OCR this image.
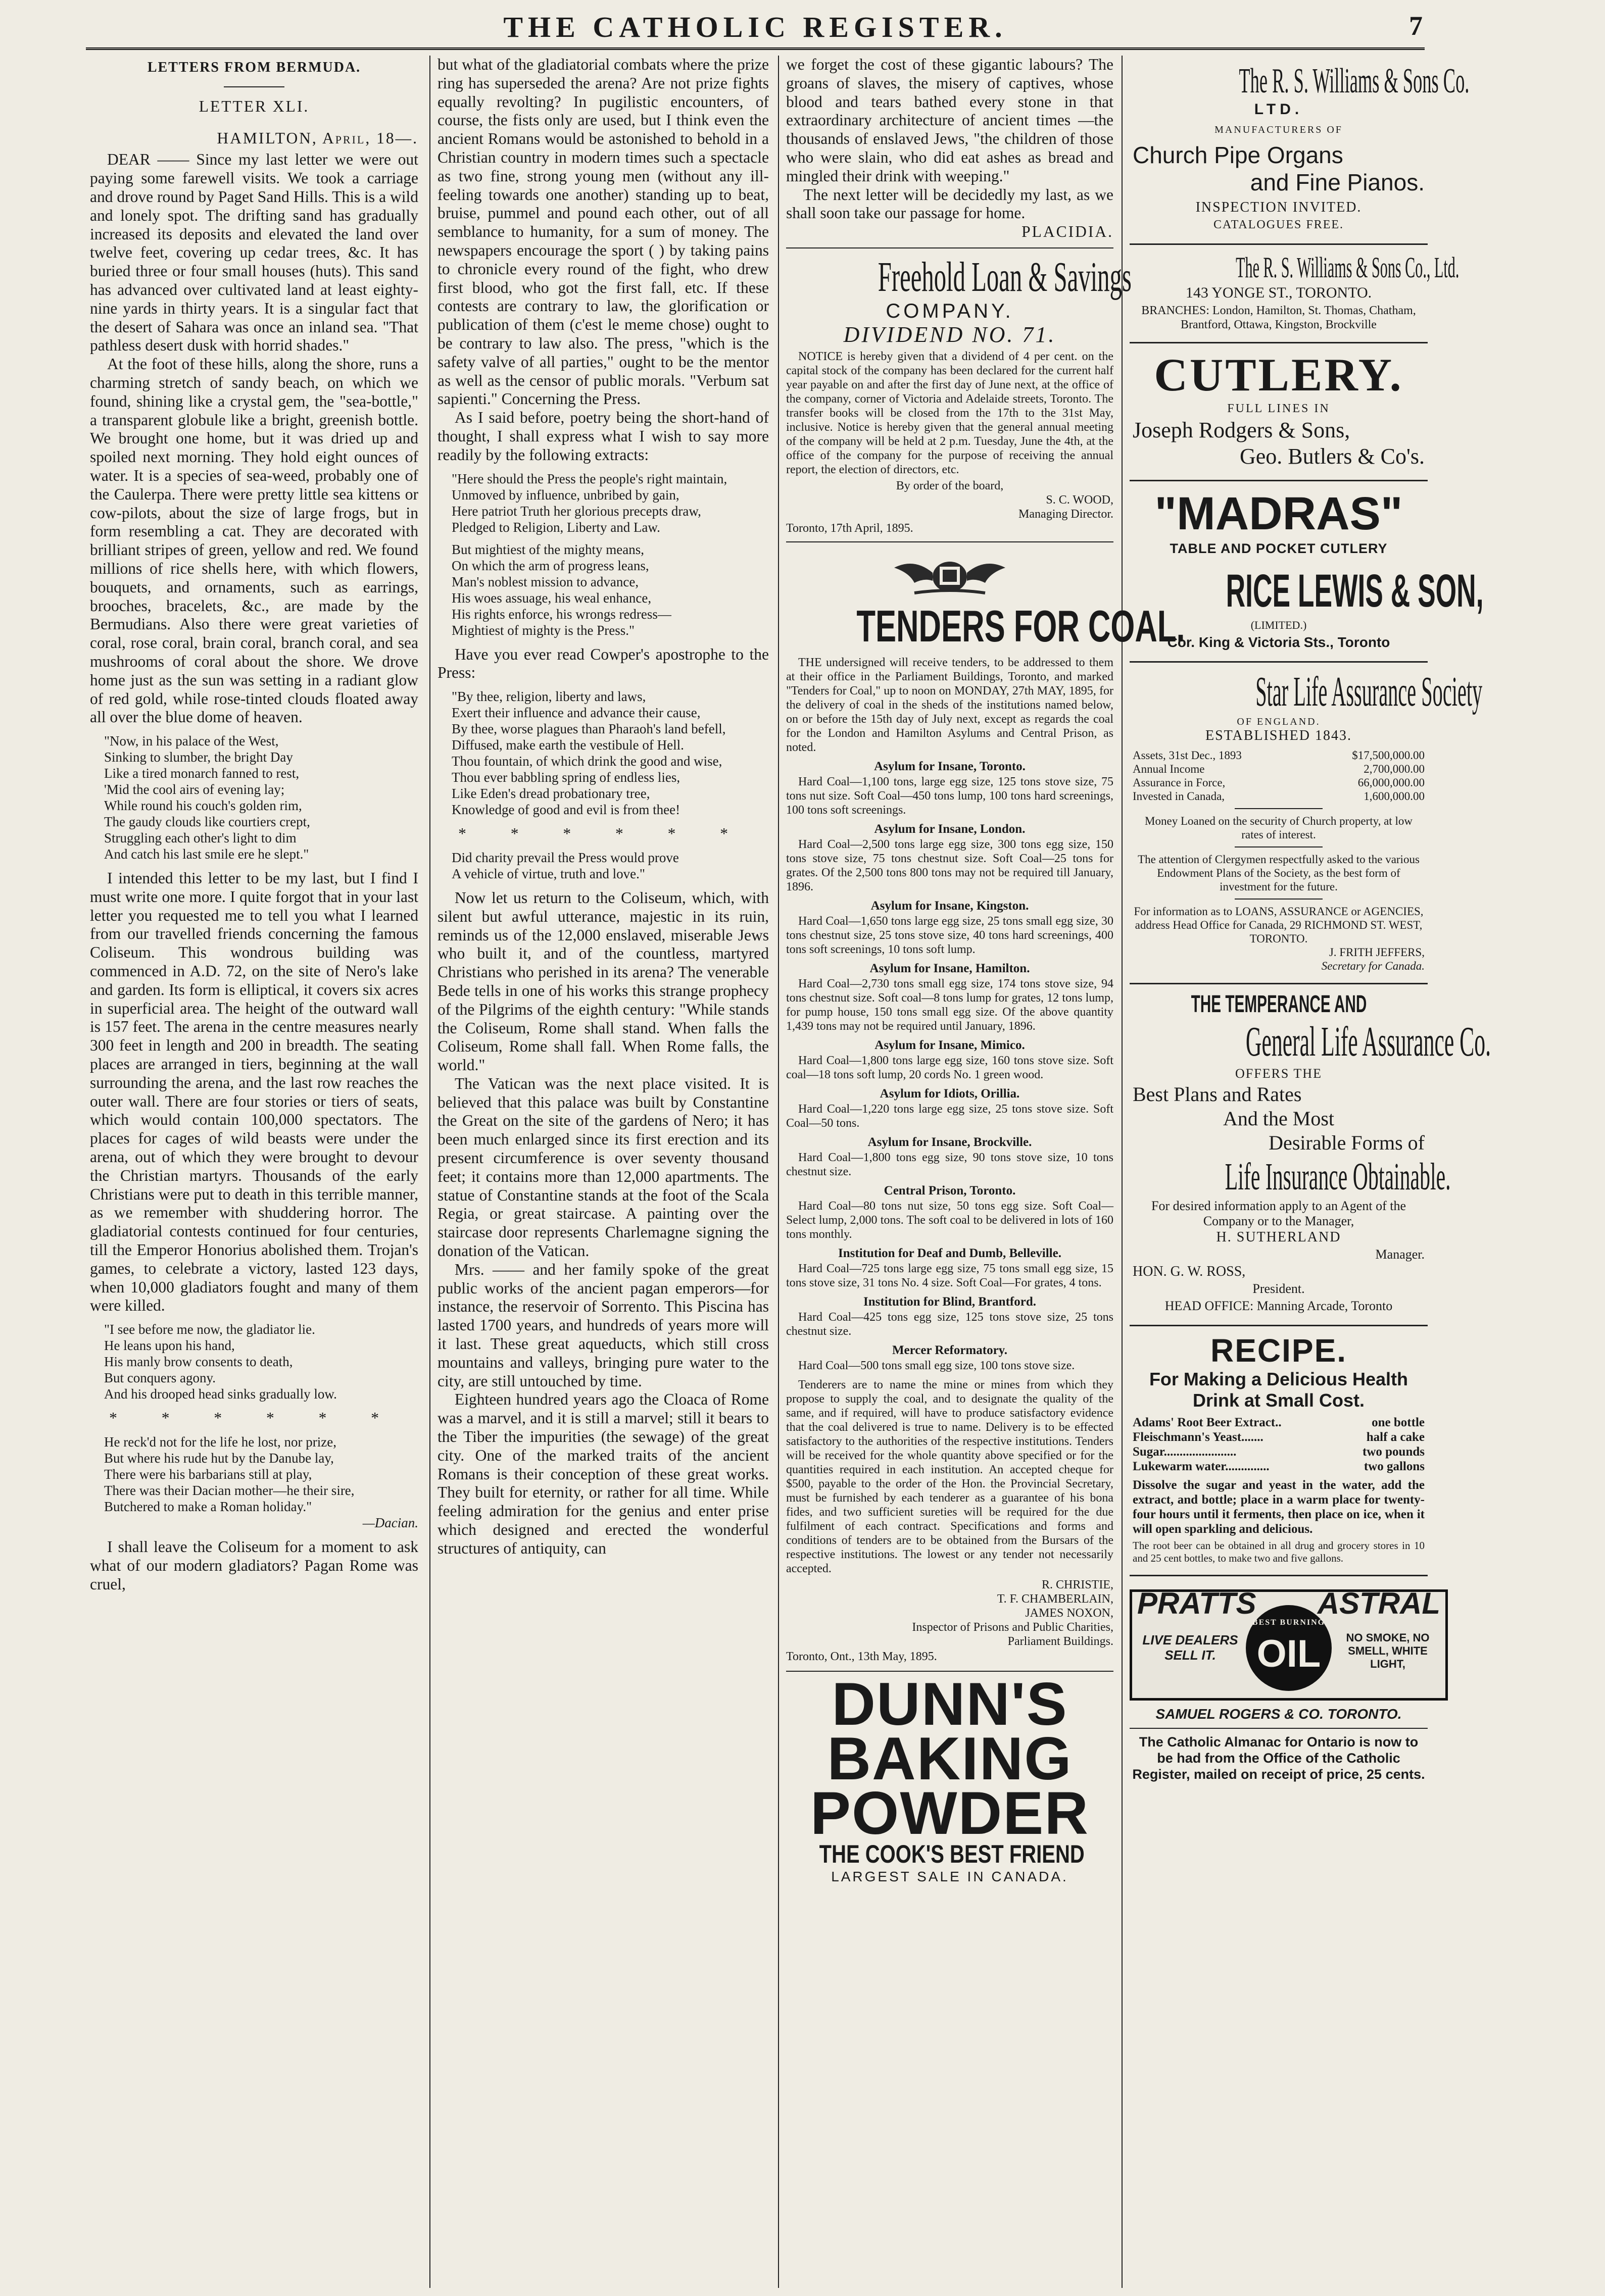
THE CATHOLIC REGISTER.	7
LETTERS FROM BERMUDA.

LETTER XLI.

HAMILTON, April, 18—.

DEAR —— Since my last letter we were out paying some farewell visits. We took a carriage and drove round by Paget Sand Hills. This is a wild and lonely spot. The drifting sand has gradually increased its deposits and elevated the land over twelve feet, covering up cedar trees, &c. It has buried three or four small houses (huts). This sand has advanced over cultivated land at least eighty-nine yards in thirty years. It is a singular fact that the desert of Sahara was once an inland sea. "That pathless desert dusk with horrid shades."

At the foot of these hills, along the shore, runs a charming stretch of sandy beach, on which we found, shining like a crystal gem, the "sea-bottle," a transparent globule like a bright, greenish bottle. We brought one home, but it was dried up and spoiled next morning. They hold eight ounces of water. It is a species of sea-weed, probably one of the Caulerpa. There were pretty little sea kittens or cow-pilots, about the size of large frogs, but in form resembling a cat. They are decorated with brilliant stripes of green, yellow and red. We found millions of rice shells here, with which flowers, bouquets, and ornaments, such as earrings, brooches, bracelets, &c., are made by the Bermudians. Also there were great varieties of coral, rose coral, brain coral, branch coral, and sea mushrooms of coral about the shore. We drove home just as the sun was setting in a radiant glow of red gold, while rose-tinted clouds floated away all over the blue dome of heaven.

"Now, in his palace of the West,
Sinking to slumber, the bright Day
Like a tired monarch fanned to rest,
'Mid the cool airs of evening lay;
While round his couch's golden rim,
The gaudy clouds like courtiers crept,
Struggling each other's light to dim
And catch his last smile ere he slept."

I intended this letter to be my last, but I find I must write one more. I quite forgot that in your last letter you requested me to tell you what I learned from our travelled friends concerning the famous Coliseum. This wondrous building was commenced in A.D. 72, on the site of Nero's lake and garden. Its form is elliptical, it covers six acres in superficial area. The height of the outward wall is 157 feet. The arena in the centre measures nearly 300 feet in length and 200 in breadth. The seating places are arranged in tiers, beginning at the wall surrounding the arena, and the last row reaches the outer wall. There are four stories or tiers of seats, which would contain 100,000 spectators. The places for cages of wild beasts were under the arena, out of which they were brought to devour the Christian martyrs. Thousands of the early Christians were put to death in this terrible manner, as we remember with shuddering horror. The gladiatorial contests continued for four centuries, till the Emperor Honorius abolished them. Trojan's games, to celebrate a victory, lasted 123 days, when 10,000 gladiators fought and many of them were killed.

"I see before me now, the gladiator lie.
He leans upon his hand,
His manly brow consents to death,
But conquers agony.
And his drooped head sinks gradually low.
* * * * * *
He reck'd not for the life he lost, nor prize,
But where his rude hut by the Danube lay,
There were his barbarians still at play,
There was their Dacian mother—he their sire,
Butchered to make a Roman holiday."
—Dacian.

I shall leave the Coliseum for a moment to ask what of our modern gladiators? Pagan Rome was cruel,

but what of the gladiatorial combats where the prize ring has superseded the arena? Are not prize fights equally revolting? In pugilistic encounters, of course, the fists only are used, but I think even the ancient Romans would be astonished to behold in a Christian country in modern times such a spectacle as two fine, strong young men (without any ill-feeling towards one another) standing up to beat, bruise, pummel and pound each other, out of all semblance to humanity, for a sum of money. The newspapers encourage the sport ( ) by taking pains to chronicle every round of the fight, who drew first blood, who got the first fall, etc. If these contests are contrary to law, the glorification or publication of them (c'est le meme chose) ought to be contrary to law also. The press, "which is the safety valve of all parties," ought to be the mentor as well as the censor of public morals. "Verbum sat sapienti." Concerning the Press.

As I said before, poetry being the short-hand of thought, I shall express what I wish to say more readily by the following extracts:

"Here should the Press the people's right maintain,
Unmoved by influence, unbribed by gain,
Here patriot Truth her glorious precepts draw,
Pledged to Religion, Liberty and Law.
But mightiest of the mighty means,
On which the arm of progress leans,
Man's noblest mission to advance,
His woes assuage, his weal enhance,
His rights enforce, his wrongs redress—
Mightiest of mighty is the Press."

Have you ever read Cowper's apostrophe to the Press:

"By thee, religion, liberty and laws,
Exert their influence and advance their cause,
By thee, worse plagues than Pharaoh's land befell,
Diffused, make earth the vestibule of Hell.
Thou fountain, of which drink the good and wise,
Thou ever babbling spring of endless lies,
Like Eden's dread probationary tree,
Knowledge of good and evil is from thee!
* * * * * *
Did charity prevail the Press would prove
A vehicle of virtue, truth and love."

Now let us return to the Coliseum, which, with silent but awful utterance, majestic in its ruin, reminds us of the 12,000 enslaved, miserable Jews who built it, and of the countless, martyred Christians who perished in its arena? The venerable Bede tells in one of his works this strange prophecy of the Pilgrims of the eighth century: "While stands the Coliseum, Rome shall stand. When falls the Coliseum, Rome shall fall. When Rome falls, the world."

The Vatican was the next place visited. It is believed that this palace was built by Constantine the Great on the site of the gardens of Nero; it has been much enlarged since its first erection and its present circumference is over seventy thousand feet; it contains more than 12,000 apartments. The statue of Constantine stands at the foot of the Scala Regia, or great staircase. A painting over the staircase door represents Charlemagne signing the donation of the Vatican.

Mrs. —— and her family spoke of the great public works of the ancient pagan emperors—for instance, the reservoir of Sorrento. This Piscina has lasted 1700 years, and hundreds of years more will it last. These great aqueducts, which still cross mountains and valleys, bringing pure water to the city, are still untouched by time.

Eighteen hundred years ago the Cloaca of Rome was a marvel, and it is still a marvel; still it bears to the Tiber the impurities (the sewage) of the great city. One of the marked traits of the ancient Romans is their conception of these great works. They built for eternity, or rather for all time. While feeling admiration for the genius and enter prise which designed and erected the wonderful structures of antiquity, can

we forget the cost of these gigantic labours? The groans of slaves, the misery of captives, whose blood and tears bathed every stone in that extraordinary architecture of ancient times —the thousands of enslaved Jews, "the children of those who were slain, who did eat ashes as bread and mingled their drink with weeping."

The next letter will be decidedly my last, as we shall soon take our passage for home.

PLACIDIA.

Freehold Loan & Savings
COMPANY.
DIVIDEND NO. 71.

NOTICE is hereby given that a dividend of 4 per cent. on the capital stock of the company has been declared for the current half year payable on and after the first day of June next, at the office of the company, corner of Victoria and Adelaide streets, Toronto. The transfer books will be closed from the 17th to the 31st May, inclusive. Notice is hereby given that the general annual meeting of the company will be held at 2 p.m. Tuesday, June the 4th, at the office of the company for the purpose of receiving the annual report, the election of directors, etc.

By order of the board,
S. C. WOOD,
Managing Director.
Toronto, 17th April, 1895.
TENDERS FOR COAL.

THE undersigned will receive tenders, to be addressed to them at their office in the Parliament Buildings, Toronto, and marked "Tenders for Coal," up to noon on MONDAY, 27th MAY, 1895, for the delivery of coal in the sheds of the institutions named below, on or before the 15th day of July next, except as regards the coal for the London and Hamilton Asylums and Central Prison, as noted.

Asylum for Insane, Toronto.

Hard Coal—1,100 tons, large egg size, 125 tons stove size, 75 tons nut size. Soft Coal—450 tons lump, 100 tons hard screenings, 100 tons soft screenings.

Asylum for Insane, London.

Hard Coal—2,500 tons large egg size, 300 tons egg size, 150 tons stove size, 75 tons chestnut size. Soft Coal—25 tons for grates. Of the 2,500 tons 800 tons may not be required till January, 1896.

Asylum for Insane, Kingston.

Hard Coal—1,650 tons large egg size, 25 tons small egg size, 30 tons chestnut size, 25 tons stove size, 40 tons hard screenings, 400 tons soft screenings, 10 tons soft lump.

Asylum for Insane, Hamilton.

Hard Coal—2,730 tons small egg size, 174 tons stove size, 94 tons chestnut size. Soft coal—8 tons lump for grates, 12 tons lump, for pump house, 150 tons small egg size. Of the above quantity 1,439 tons may not be required until January, 1896.

Asylum for Insane, Mimico.

Hard Coal—1,800 tons large egg size, 160 tons stove size. Soft coal—18 tons soft lump, 20 cords No. 1 green wood.

Asylum for Idiots, Orillia.

Hard Coal—1,220 tons large egg size, 25 tons stove size. Soft Coal—50 tons.

Asylum for Insane, Brockville.

Hard Coal—1,800 tons egg size, 90 tons stove size, 10 tons chestnut size.

Central Prison, Toronto.

Hard Coal—80 tons nut size, 50 tons egg size. Soft Coal—Select lump, 2,000 tons. The soft coal to be delivered in lots of 160 tons monthly.

Institution for Deaf and Dumb, Belleville.

Hard Coal—725 tons large egg size, 75 tons small egg size, 15 tons stove size, 31 tons No. 4 size. Soft Coal—For grates, 4 tons.

Institution for Blind, Brantford.

Hard Coal—425 tons egg size, 125 tons stove size, 25 tons chestnut size.

Mercer Reformatory.

Hard Coal—500 tons small egg size, 100 tons stove size.

Tenderers are to name the mine or mines from which they propose to supply the coal, and to designate the quality of the same, and if required, will have to produce satisfactory evidence that the coal delivered is true to name. Delivery is to be effected satisfactory to the authorities of the respective institutions. Tenders will be received for the whole quantity above specified or for the quantities required in each institution. An accepted cheque for $500, payable to the order of the Hon. the Provincial Secretary, must be furnished by each tenderer as a guarantee of his bona fides, and two sufficient sureties will be required for the due fulfilment of each contract. Specifications and forms and conditions of tenders are to be obtained from the Bursars of the respective institutions. The lowest or any tender not necessarily accepted.

R. CHRISTIE,
T. F. CHAMBERLAIN,
JAMES NOXON,
Inspector of Prisons and Public Charities,
Parliament Buildings.
Toronto, Ont., 13th May, 1895.
DUNN'S
BAKING
POWDER
THE COOK'S BEST FRIEND
LARGEST SALE IN CANADA.
The R. S. Williams & Sons Co.
LTD.
MANUFACTURERS OF
Church Pipe Organs
and Fine Pianos.
INSPECTION INVITED.
CATALOGUES FREE.
The R. S. Williams & Sons Co., Ltd.
143 YONGE ST., TORONTO.
BRANCHES: London, Hamilton, St. Thomas, Chatham, Brantford, Ottawa, Kingston, Brockville
CUTLERY.
FULL LINES IN
Joseph Rodgers & Sons,
Geo. Butlers & Co's.
"MADRAS"
TABLE AND POCKET CUTLERY
RICE LEWIS & SON,
(LIMITED.)
Cor. King & Victoria Sts., Toronto
Star Life Assurance Society
OF ENGLAND.
ESTABLISHED 1843.
Assets, 31st Dec., 1893	$17,500,000.00
Annual Income	2,700,000.00
Assurance in Force,	66,000,000.00
Invested in Canada,	1,600,000.00
Money Loaned on the security of Church property, at low rates of interest.
The attention of Clergymen respectfully asked to the various Endowment Plans of the Society, as the best form of investment for the future.
For information as to LOANS, ASSURANCE or AGENCIES, address Head Office for Canada, 29 RICHMOND ST. WEST, TORONTO.
J. FRITH JEFFERS,
Secretary for Canada.
THE TEMPERANCE AND
General Life Assurance Co.
OFFERS THE
Best Plans and Rates
And the Most
Desirable Forms of
Life Insurance Obtainable.
For desired information apply to an Agent of the Company or to the Manager,
H. SUTHERLAND
Manager.
HON. G. W. ROSS,
President.
HEAD OFFICE: Manning Arcade, Toronto
RECIPE.
For Making a Delicious Health Drink at Small Cost.
Adams' Root Beer Extract..	one bottle
Fleischmann's Yeast.......	half a cake
Sugar.......................	two pounds
Lukewarm water..............	two gallons
Dissolve the sugar and yeast in the water, add the extract, and bottle; place in a warm place for twenty-four hours until it ferments, then place on ice, when it will open sparkling and delicious.
The root beer can be obtained in all drug and grocery stores in 10 and 25 cent bottles, to make two and five gallons.
PRATTS ASTRAL
BEST BURNING
OIL
LIVE DEALERS SELL IT.
NO SMOKE, NO SMELL, WHITE LIGHT,
SAMUEL ROGERS & CO. TORONTO.
The Catholic Almanac for Ontario is now to be had from the Office of the Catholic Register, mailed on receipt of price, 25 cents.
